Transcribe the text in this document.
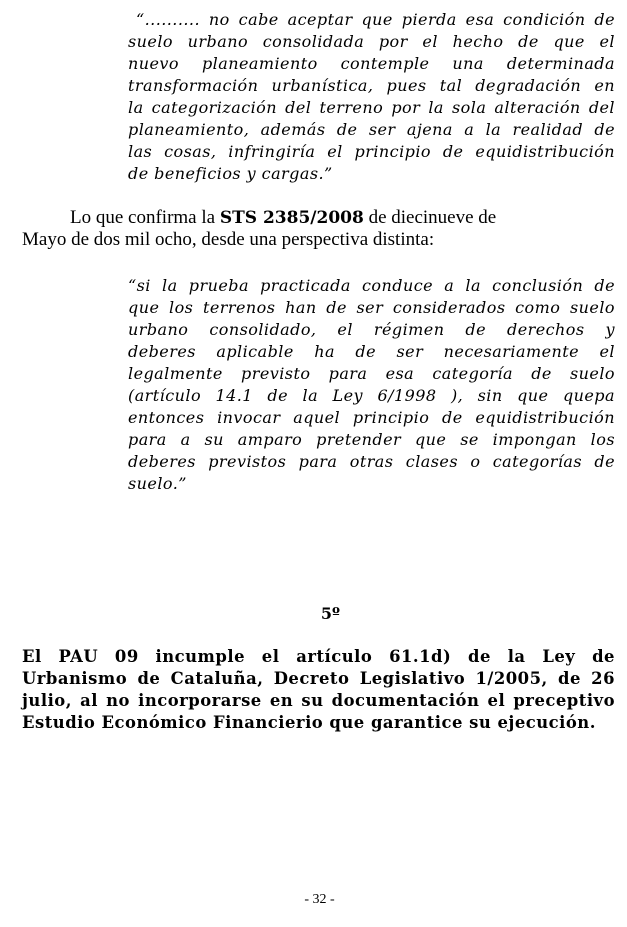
“.......... no cabe aceptar que pierda esa condición de
suelo urbano consolidada por el hecho de que el
nuevo planeamiento contemple una determinada
transformación urbanística, pues tal degradación en
la categorización del terreno por la sola alteración del
planeamiento, además de ser ajena a la realidad de
las cosas, infringiría el principio de equidistribución
de beneficios y cargas.”
Lo que confirma la STS 2385/2008 de diecinueve de
Mayo de dos mil ocho, desde una perspectiva distinta:
“si la prueba practicada conduce a la conclusión de
que los terrenos han de ser considerados como suelo
urbano consolidado, el régimen de derechos y
deberes aplicable ha de ser necesariamente el
legalmente previsto para esa categoría de suelo
(artículo 14.1 de la Ley 6/1998 ), sin que quepa
entonces invocar aquel principio de equidistribución
para a su amparo pretender que se impongan los
deberes previstos para otras clases o categorías de
suelo.”
5º
El PAU 09 incumple el artículo 61.1d) de la Ley de
Urbanismo de Cataluña, Decreto Legislativo 1/2005, de 26
julio, al no incorporarse en su documentación el preceptivo
Estudio Económico Financierio que garantice su ejecución.
- 32 -
